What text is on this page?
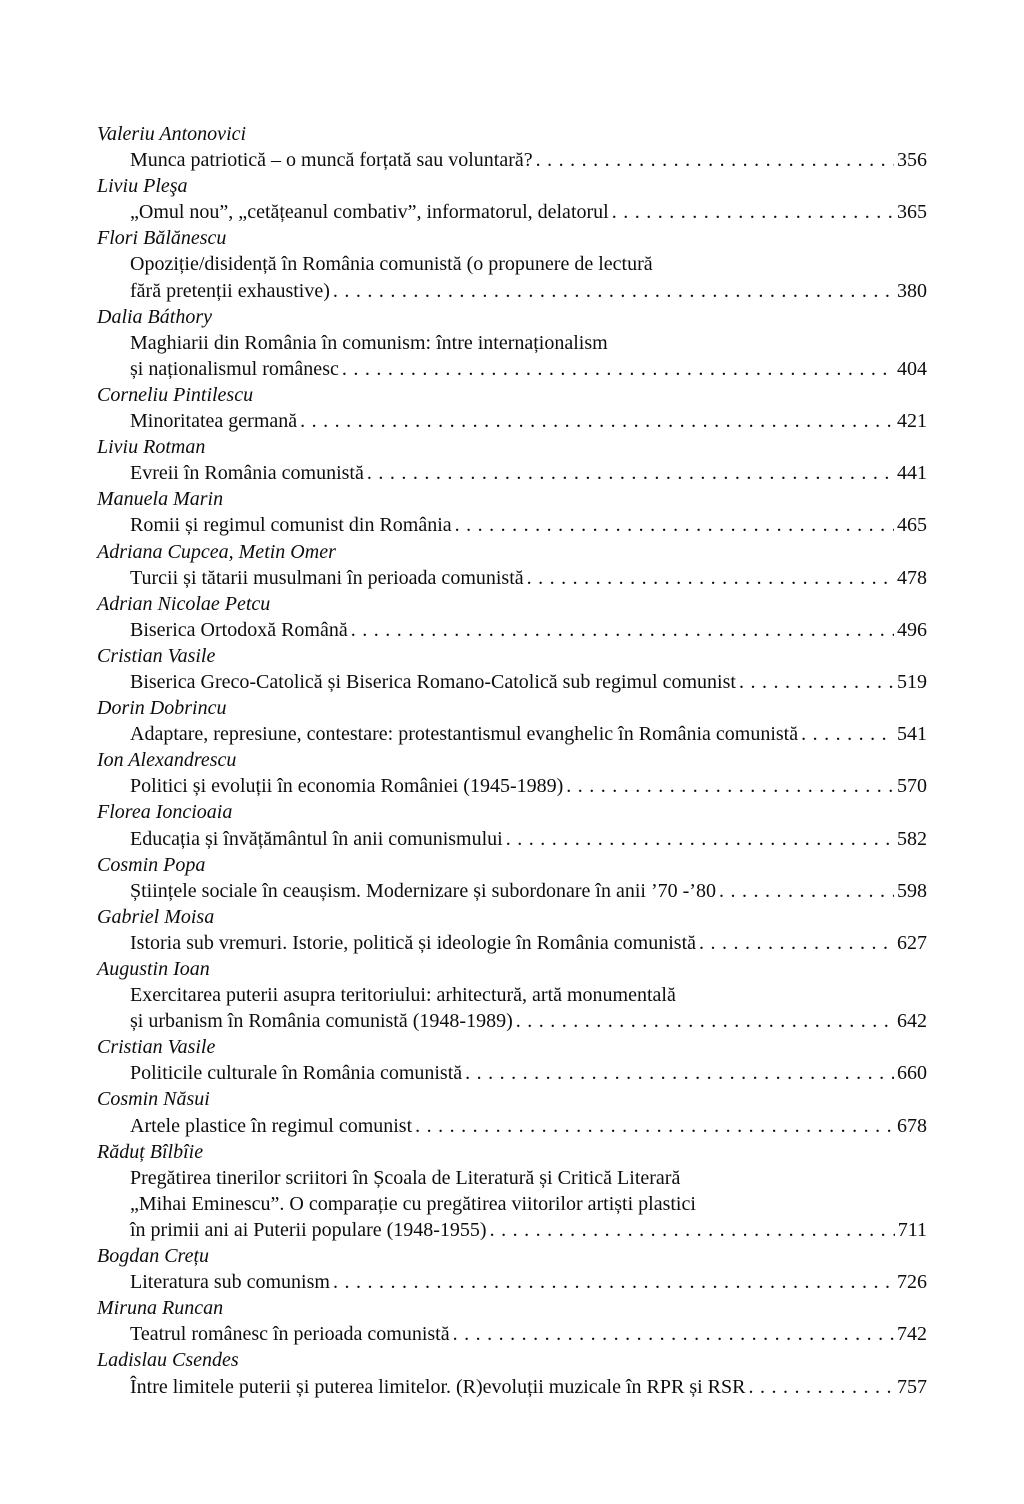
Valeriu Antonovici
Munca patriotică – o muncă forțată sau voluntară? . . .	356
Liviu Pleşa
„Omul nou”, „cetățeanul combativ”, informatorul, delatorul . . .	365
Flori Bălănescu
Opoziție/disidență în România comunistă (o propunere de lectură
fără pretenții exhaustive) . . .	380
Dalia Báthory
Maghiarii din România în comunism: între internaționalism
și naționalismul românesc . . .	404
Corneliu Pintilescu
Minoritatea germană . . .	421
Liviu Rotman
Evreii în România comunistă . . .	441
Manuela Marin
Romii și regimul comunist din România . . .	465
Adriana Cupcea, Metin Omer
Turcii și tătarii musulmani în perioada comunistă . . .	478
Adrian Nicolae Petcu
Biserica Ortodoxă Română . . .	496
Cristian Vasile
Biserica Greco-Catolică și Biserica Romano-Catolică sub regimul comunist . . .	519
Dorin Dobrincu
Adaptare, represiune, contestare: protestantismul evanghelic în România comunistă . . .	541
Ion Alexandrescu
Politici și evoluții în economia României (1945-1989) . . .	570
Florea Ioncioaia
Educația și învățământul în anii comunismului . . .	582
Cosmin Popa
Științele sociale în ceaușism. Modernizare și subordonare în anii ’70 -’80 . . .	598
Gabriel Moisa
Istoria sub vremuri. Istorie, politică și ideologie în România comunistă . . .	627
Augustin Ioan
Exercitarea puterii asupra teritoriului: arhitectură, artă monumentală
și urbanism în România comunistă (1948-1989) . . .	642
Cristian Vasile
Politicile culturale în România comunistă . . .	660
Cosmin Năsui
Artele plastice în regimul comunist . . .	678
Răduț Bîlbîie
Pregătirea tinerilor scriitori în Școala de Literatură și Critică Literară
„Mihai Eminescu”. O comparație cu pregătirea viitorilor artiști plastici
în primii ani ai Puterii populare (1948-1955) . . .	711
Bogdan Crețu
Literatura sub comunism . . .	726
Miruna Runcan
Teatrul românesc în perioada comunistă . . .	742
Ladislau Csendes
Între limitele puterii și puterea limitelor. (R)evoluții muzicale în RPR și RSR . . .	757
